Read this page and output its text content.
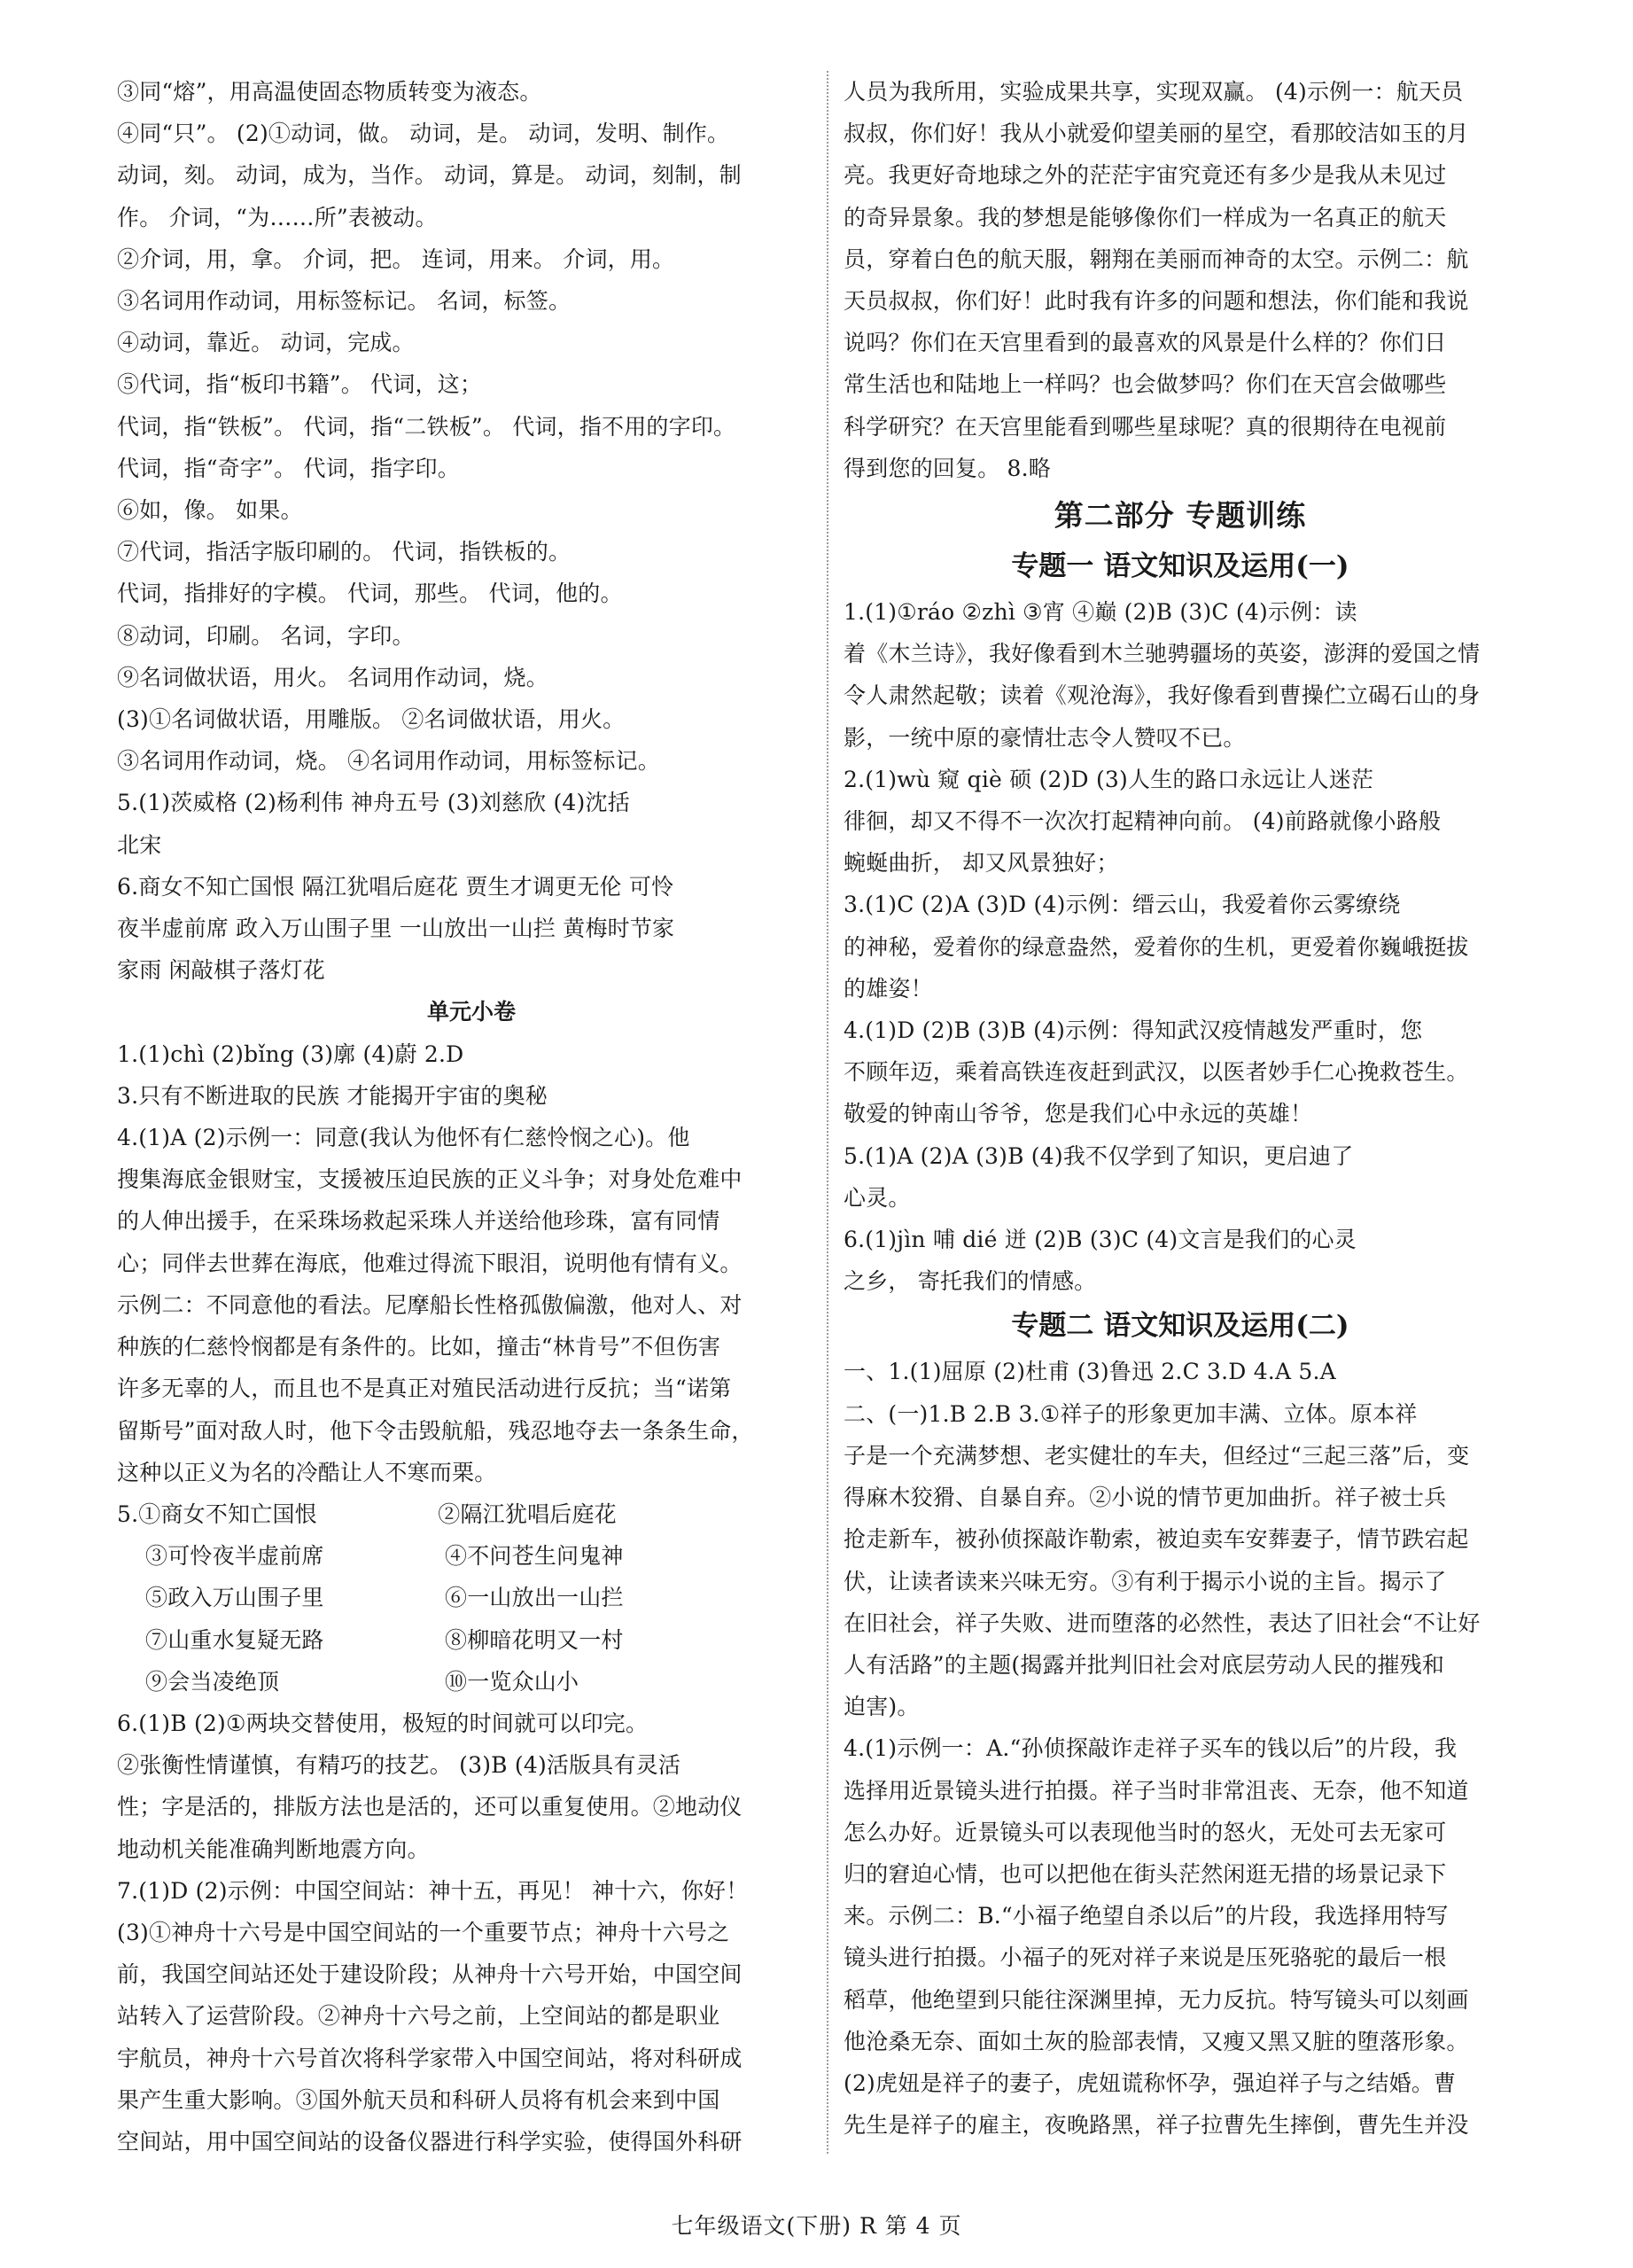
③同“熔”，用高温使固态物质转变为液态。

④同“只”。 (2)①动词，做。 动词，是。 动词，发明、制作。

动词，刻。 动词，成为，当作。 动词，算是。 动词，刻制，制

作。 介词，“为……所”表被动。

②介词，用，拿。 介词，把。 连词，用来。 介词，用。

③名词用作动词，用标签标记。 名词，标签。

④动词，靠近。 动词，完成。

⑤代词，指“板印书籍”。 代词，这；

代词，指“铁板”。 代词，指“二铁板”。 代词，指不用的字印。

代词，指“奇字”。 代词，指字印。

⑥如，像。 如果。

⑦代词，指活字版印刷的。 代词，指铁板的。

代词，指排好的字模。 代词，那些。 代词，他的。

⑧动词，印刷。 名词，字印。

⑨名词做状语，用火。 名词用作动词，烧。

(3)①名词做状语，用雕版。 ②名词做状语，用火。

③名词用作动词，烧。 ④名词用作动词，用标签标记。

5.(1)茨威格 (2)杨利伟 神舟五号 (3)刘慈欣 (4)沈括

北宋

6.商女不知亡国恨 隔江犹唱后庭花 贾生才调更无伦 可怜

夜半虚前席 政入万山围子里 一山放出一山拦 黄梅时节家

家雨 闲敲棋子落灯花

单元小卷

1.(1)chì (2)bǐng (3)廓 (4)蔚 2.D

3.只有不断进取的民族 才能揭开宇宙的奥秘

4.(1)A (2)示例一：同意(我认为他怀有仁慈怜悯之心)。他

搜集海底金银财宝，支援被压迫民族的正义斗争；对身处危难中

的人伸出援手，在采珠场救起采珠人并送给他珍珠，富有同情

心；同伴去世葬在海底，他难过得流下眼泪，说明他有情有义。

示例二：不同意他的看法。尼摩船长性格孤傲偏激，他对人、对

种族的仁慈怜悯都是有条件的。比如，撞击“林肯号”不但伤害

许多无辜的人，而且也不是真正对殖民活动进行反抗；当“诺第

留斯号”面对敌人时，他下令击毁航船，残忍地夺去一条条生命，

这种以正义为名的冷酷让人不寒而栗。

5. ①商女不知亡国恨	②隔江犹唱后庭花
③可怜夜半虚前席	④不问苍生问鬼神
⑤政入万山围子里	⑥一山放出一山拦
⑦山重水复疑无路	⑧柳暗花明又一村
⑨会当凌绝顶	⑩一览众山小

6.(1)B (2)①两块交替使用，极短的时间就可以印完。

②张衡性情谨慎，有精巧的技艺。 (3)B (4)活版具有灵活

性；字是活的，排版方法也是活的，还可以重复使用。②地动仪

地动机关能准确判断地震方向。

7.(1)D (2)示例：中国空间站：神十五，再见！ 神十六，你好！

(3)①神舟十六号是中国空间站的一个重要节点；神舟十六号之

前，我国空间站还处于建设阶段；从神舟十六号开始，中国空间

站转入了运营阶段。②神舟十六号之前，上空间站的都是职业

宇航员，神舟十六号首次将科学家带入中国空间站，将对科研成

果产生重大影响。③国外航天员和科研人员将有机会来到中国

空间站，用中国空间站的设备仪器进行科学实验，使得国外科研

人员为我所用，实验成果共享，实现双赢。 (4)示例一：航天员

叔叔，你们好！我从小就爱仰望美丽的星空，看那皎洁如玉的月

亮。我更好奇地球之外的茫茫宇宙究竟还有多少是我从未见过

的奇异景象。我的梦想是能够像你们一样成为一名真正的航天

员，穿着白色的航天服，翱翔在美丽而神奇的太空。示例二：航

天员叔叔，你们好！此时我有许多的问题和想法，你们能和我说

说吗？你们在天宫里看到的最喜欢的风景是什么样的？你们日

常生活也和陆地上一样吗？也会做梦吗？你们在天宫会做哪些

科学研究？在天宫里能看到哪些星球呢？真的很期待在电视前

得到您的回复。 8.略

第二部分 专题训练

专题一 语文知识及运用(一)

1.(1)①ráo ②zhì ③宵 ④巅 (2)B (3)C (4)示例：读

着《木兰诗》，我好像看到木兰驰骋疆场的英姿，澎湃的爱国之情

令人肃然起敬；读着《观沧海》，我好像看到曹操伫立碣石山的身

影，一统中原的豪情壮志令人赞叹不已。

2.(1)wù 窥 qiè 硕 (2)D (3)人生的路口永远让人迷茫

徘徊，却又不得不一次次打起精神向前。 (4)前路就像小路般

蜿蜒曲折， 却又风景独好；

3.(1)C (2)A (3)D (4)示例：缙云山，我爱着你云雾缭绕

的神秘，爱着你的绿意盎然，爱着你的生机，更爱着你巍峨挺拔

的雄姿！

4.(1)D (2)B (3)B (4)示例：得知武汉疫情越发严重时，您

不顾年迈，乘着高铁连夜赶到武汉，以医者妙手仁心挽救苍生。

敬爱的钟南山爷爷，您是我们心中永远的英雄！

5.(1)A (2)A (3)B (4)我不仅学到了知识，更启迪了

心灵。

6.(1)jìn 哺 dié 迸 (2)B (3)C (4)文言是我们的心灵

之乡， 寄托我们的情感。

专题二 语文知识及运用(二)

一、1.(1)屈原 (2)杜甫 (3)鲁迅 2.C 3.D 4.A 5.A

二、(一)1.B 2.B 3.①祥子的形象更加丰满、立体。原本祥

子是一个充满梦想、老实健壮的车夫，但经过“三起三落”后，变

得麻木狡猾、自暴自弃。②小说的情节更加曲折。祥子被士兵

抢走新车，被孙侦探敲诈勒索，被迫卖车安葬妻子，情节跌宕起

伏，让读者读来兴味无穷。③有利于揭示小说的主旨。揭示了

在旧社会，祥子失败、进而堕落的必然性，表达了旧社会“不让好

人有活路”的主题(揭露并批判旧社会对底层劳动人民的摧残和

迫害)。

4.(1)示例一：A.“孙侦探敲诈走祥子买车的钱以后”的片段，我

选择用近景镜头进行拍摄。祥子当时非常沮丧、无奈，他不知道

怎么办好。近景镜头可以表现他当时的怒火，无处可去无家可

归的窘迫心情，也可以把他在街头茫然闲逛无措的场景记录下

来。示例二：B.“小福子绝望自杀以后”的片段，我选择用特写

镜头进行拍摄。小福子的死对祥子来说是压死骆驼的最后一根

稻草，他绝望到只能往深渊里掉，无力反抗。特写镜头可以刻画

他沧桑无奈、面如土灰的脸部表情，又瘦又黑又脏的堕落形象。

(2)虎妞是祥子的妻子，虎妞谎称怀孕，强迫祥子与之结婚。曹

先生是祥子的雇主，夜晚路黑，祥子拉曹先生摔倒，曹先生并没

七年级语文(下册) R 第 4 页
